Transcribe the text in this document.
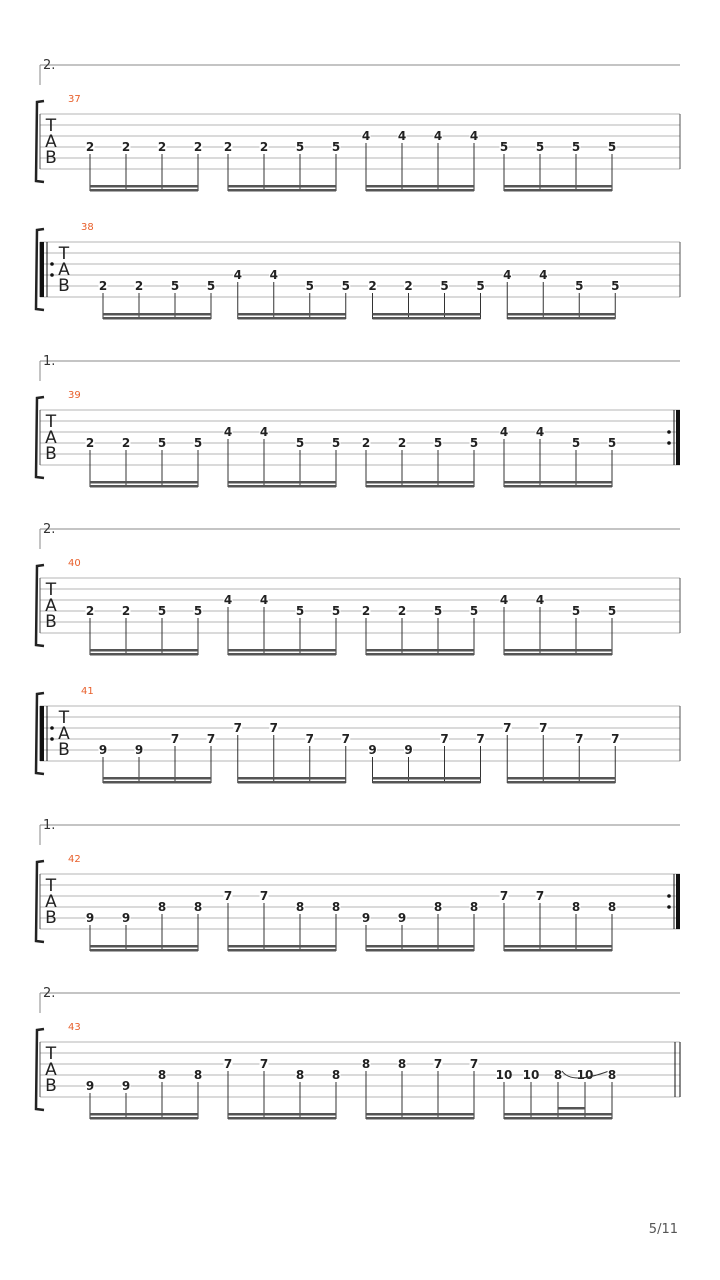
2.
37
T
A
B
2 2 2 2 2 2 5 5
4 4 4 4
5 5 5 5
38
T
A
B 2 2 5 5
4 4
5 5 2 2 5 5
4 4
5 5
1.
39
T
A
B
2 2 5 5
4 4
5 5 2 2 5 5
4 4
5 5
2.
40
T
A
B
2 2 5 5
4 4
5 5 2 2 5 5
4 4
5 5
41
T
A
B 9 9
7 7
7 7
7 7
9 9
7 7
7 7
7 7
1.
42
T
A
B 9 9
8 8
7 7
8 8
9 9
8 8
7 7
8 8
2.
43
T
A
B 9 9
8 8
7 7
8 8
8 8 7 7
10 10 8 10 8
5/11
